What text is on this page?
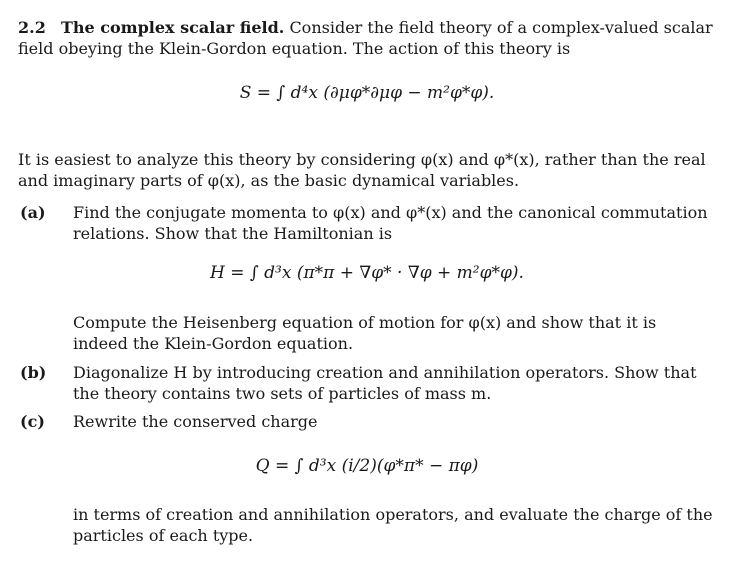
2.2 The complex scalar field. Consider the field theory of a complex-valued scalar field obeying the Klein-Gordon equation. The action of this theory is
S = ∫ d⁴x (∂μφ*∂μφ − m²φ*φ).
It is easiest to analyze this theory by considering φ(x) and φ*(x), rather than the real and imaginary parts of φ(x), as the basic dynamical variables.
(a) Find the conjugate momenta to φ(x) and φ*(x) and the canonical commutation relations. Show that the Hamiltonian is
H = ∫ d³x (π*π + ∇φ* · ∇φ + m²φ*φ).
Compute the Heisenberg equation of motion for φ(x) and show that it is indeed the Klein-Gordon equation.
(b) Diagonalize H by introducing creation and annihilation operators. Show that the theory contains two sets of particles of mass m.
(c) Rewrite the conserved charge
Q = ∫ d³x (i/2)(φ*π* − πφ)
in terms of creation and annihilation operators, and evaluate the charge of the particles of each type.
